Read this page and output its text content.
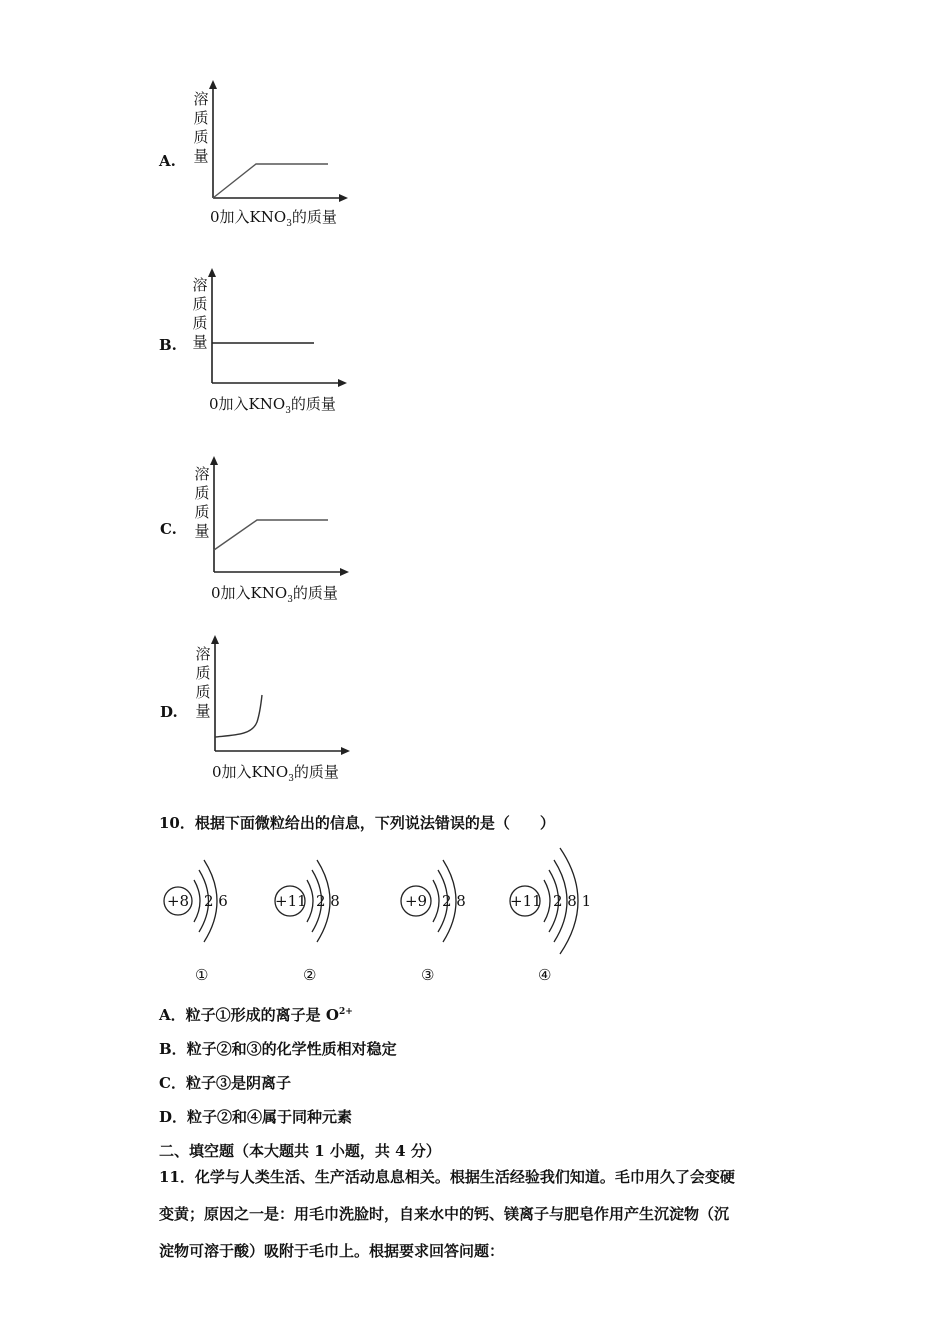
A.
溶
质
质
量
0加入$KNO_3$的质量
B.
溶
质
质
量
0加入$KNO_3$的质量
C.
溶
质
质
量
0加入$KNO_3$的质量
D.
溶
质
质
量
0加入$KNO_3$的质量
10．根据下面微粒给出的信息，下列说法错误的是（　　）
+8 2 6
①
+11 2 8
②
+9 2 8
③
+11 2 8 1
④
A．粒子①形成的离子是 $O^{2+}$
B．粒子②和③的化学性质相对稳定
C．粒子③是阴离子
D．粒子②和④属于同种元素
二、填空题（本大题共 1 小题，共 4 分）
11．化学与人类生活、生产活动息息相关。根据生活经验我们知道。毛巾用久了会变硬
变黄；原因之一是：用毛巾洗脸时，自来水中的钙、镁离子与肥皂作用产生沉淀物（沉
淀物可溶于酸）吸附于毛巾上。根据要求回答问题：
